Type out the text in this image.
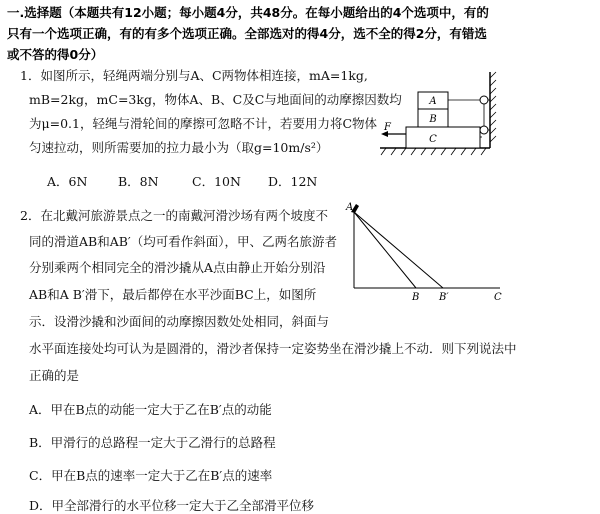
一.选择题（本题共有12小题；每小题4分，共48分。在每小题给出的4个选项中，有的
只有一个选项正确，有的有多个选项正确。全部选对的得4分，选不全的得2分，有错选
或不答的得0分）
1．如图所示，轻绳两端分别与A、C两物体相连接，mA=1kg,
mB=2kg，mC=3kg，物体A、B、C及C与地面间的动摩擦因数均
为μ=0.1，轻绳与滑轮间的摩擦可忽略不计，若要用力将C物体
匀速拉动，则所需要加的拉力最小为（取g=10m/s²）
A．6N B．8N	C．10N D．12N
A
B
C
F
2．在北戴河旅游景点之一的南戴河滑沙场有两个坡度不
同的滑道AB和AB′（均可看作斜面），甲、乙两名旅游者
分别乘两个相同完全的滑沙撬从A点由静止开始分别沿
AB和A B′滑下，最后都停在水平沙面BC上，如图所
示．设滑沙撬和沙面间的动摩擦因数处处相同，斜面与
水平面连接处均可认为是圆滑的，滑沙者保持一定姿势坐在滑沙撬上不动．则下列说法中
正确的是
A．甲在B点的动能一定大于乙在B′点的动能
B．甲滑行的总路程一定大于乙滑行的总路程
C．甲在B点的速率一定大于乙在B′点的速率
D．甲全部滑行的水平位移一定大于乙全部滑平位移
A
B B′	C
